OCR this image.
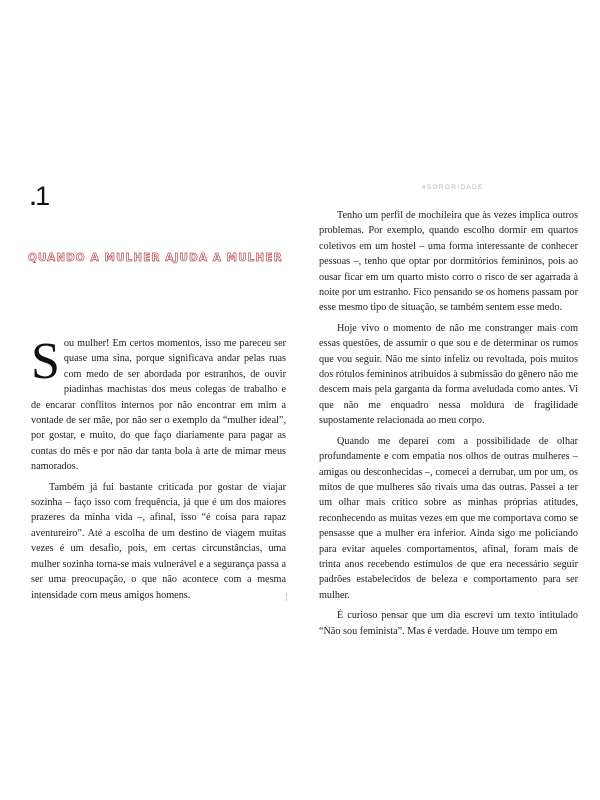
.1
QUANDO A MULHER AJUDA A MULHER

Sou mulher! Em certos momentos, isso me pareceu ser quase uma sina, porque significava andar pelas ruas com medo de ser abordada por estranhos, de ouvir piadinhas machistas dos meus colegas de trabalho e de encarar conflitos internos por não encontrar em mim a vontade de ser mãe, por não ser o exemplo da “mulher ideal”, por gostar, e muito, do que faço diariamente para pagar as contas do mês e por não dar tanta bola à arte de mimar meus namorados.

Também já fui bastante criticada por gostar de viajar sozinha – faço isso com frequência, já que é um dos maiores prazeres da minha vida –, afinal, isso “é coisa para rapaz aventureiro”. Até a escolha de um destino de viagem muitas vezes é um desafio, pois, em certas circunstâncias, uma mulher sozinha torna-se mais vulnerável e a segurança passa a ser uma preocupação, o que não acontece com a mesma intensidade com meus amigos homens.

#SORORIDADE

Tenho um perfil de mochileira que às vezes implica outros problemas. Por exemplo, quando escolho dormir em quartos coletivos em um hostel – uma forma interessante de conhecer pessoas –, tenho que optar por dormitórios femininos, pois ao ousar ficar em um quarto misto corro o risco de ser agarrada à noite por um estranho. Fico pensando se os homens passam por esse mesmo tipo de situação, se também sentem esse medo.

Hoje vivo o momento de não me constranger mais com essas questões, de assumir o que sou e de determinar os rumos que vou seguir. Não me sinto infeliz ou revoltada, pois muitos dos rótulos femininos atribuídos à submissão do gênero não me descem mais pela garganta da forma aveludada como antes. Vi que não me enquadro nessa moldura de fragilidade supostamente relacionada ao meu corpo.

Quando me deparei com a possibilidade de olhar profundamente e com empatia nos olhos de outras mulheres – amigas ou desconhecidas –, comecei a derrubar, um por um, os mitos de que mulheres são rivais uma das outras. Passei a ter um olhar mais crítico sobre as minhas próprias atitudes, reconhecendo as muitas vezes em que me comportava como se pensasse que a mulher era inferior. Ainda sigo me policiando para evitar aqueles comportamentos, afinal, foram mais de trinta anos recebendo estímulos de que era necessário seguir padrões estabelecidos de beleza e comportamento para ser mulher.

É curioso pensar que um dia escrevi um texto intitulado “Não sou feminista”. Mas é verdade. Houve um tempo em
